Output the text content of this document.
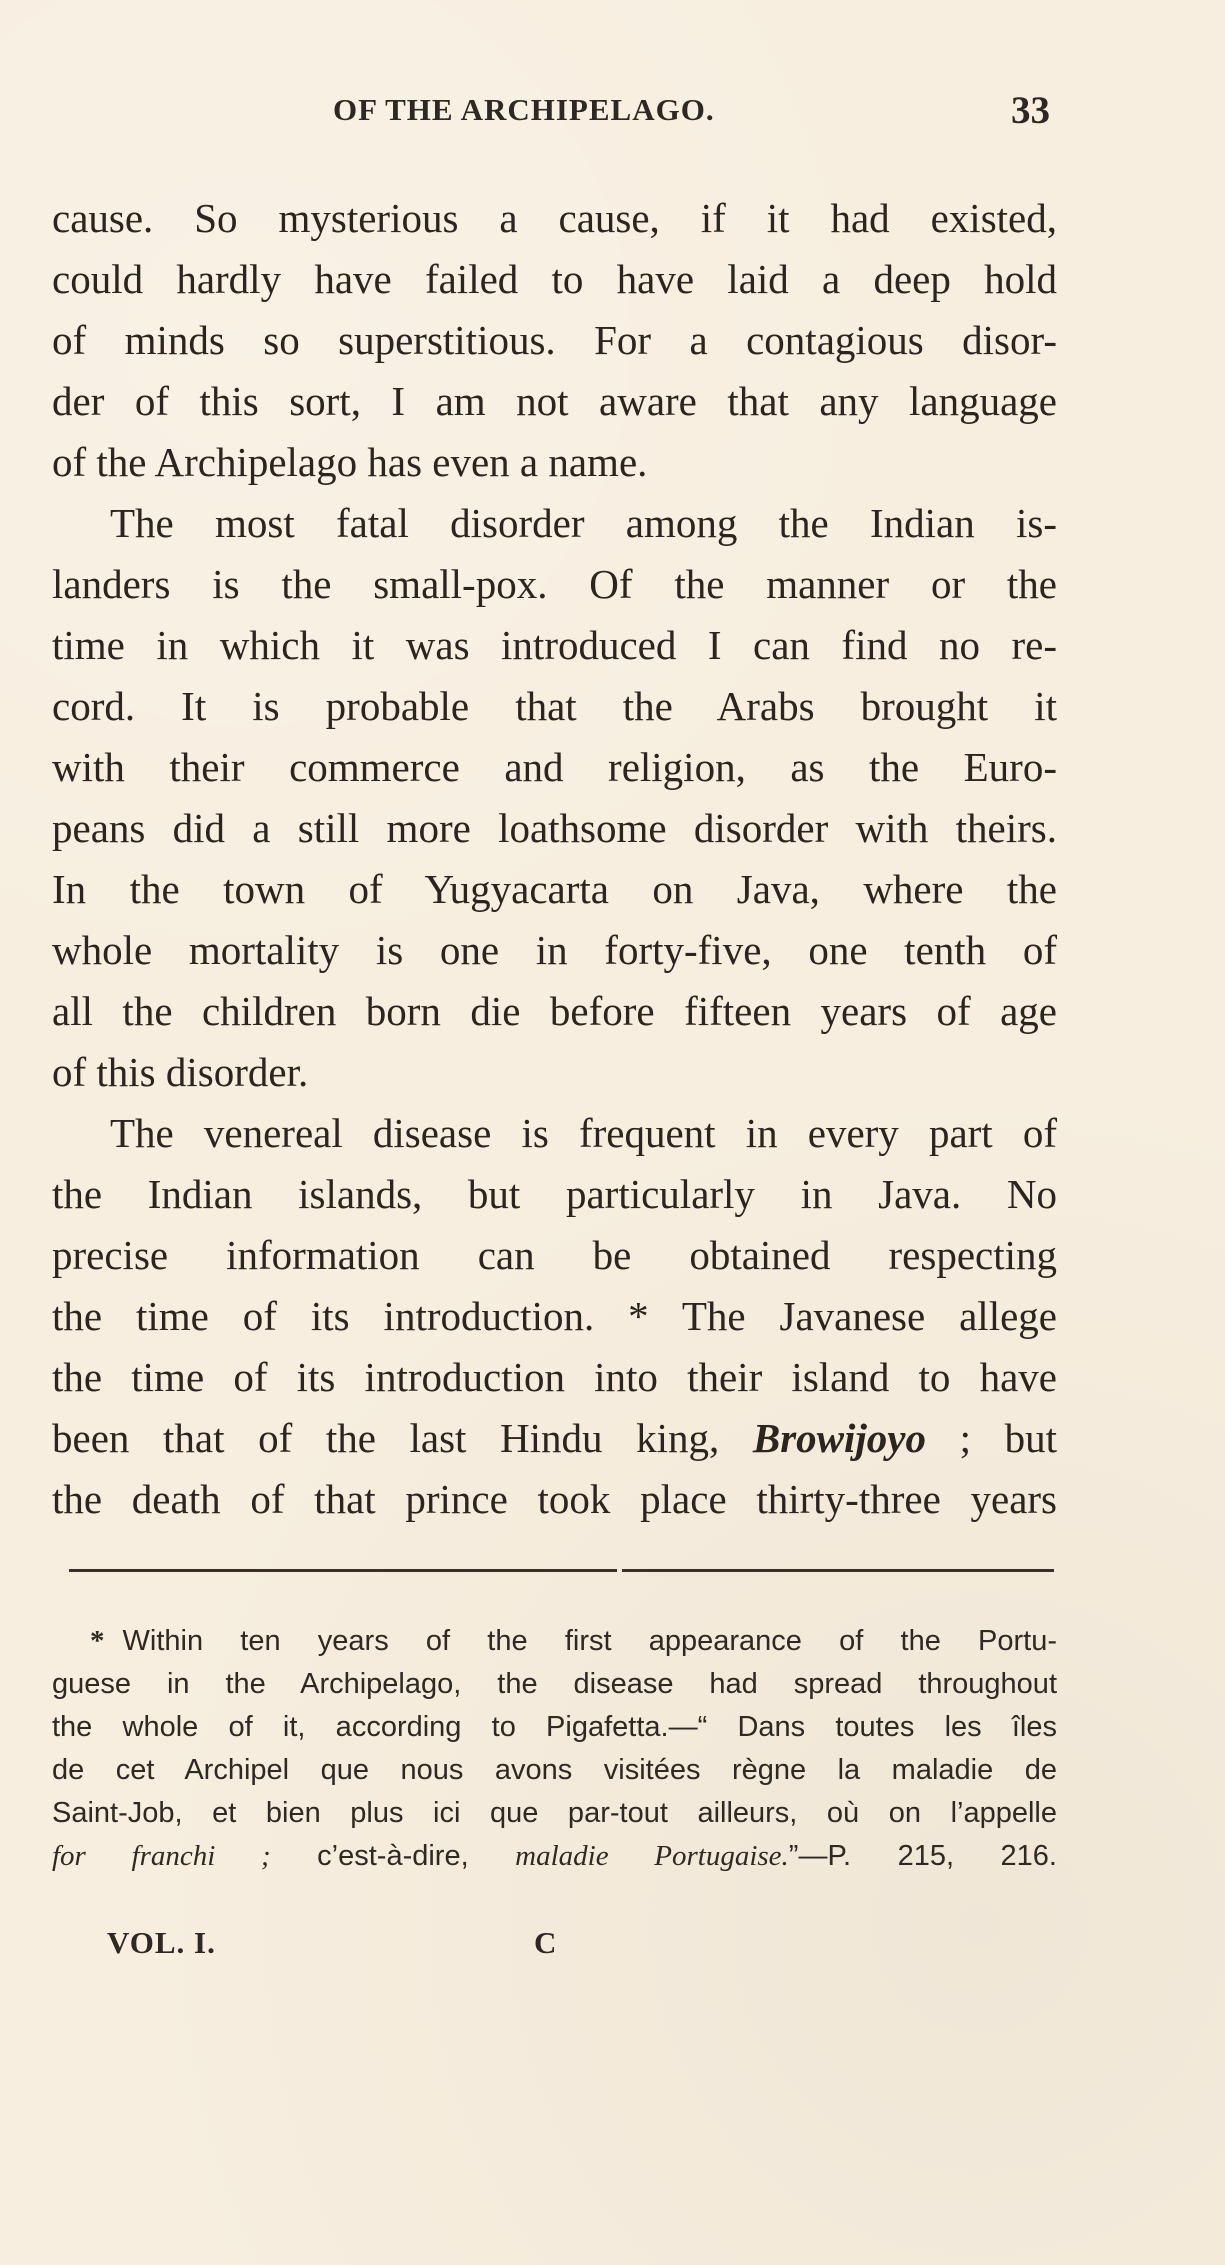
OF THE ARCHIPELAGO.	33
cause. So mysterious a cause, if it had existed,
could hardly have failed to have laid a deep hold
of minds so superstitious. For a contagious disor-
der of this sort, I am not aware that any language
of the Archipelago has even a name.
The most fatal disorder among the Indian is-
landers is the small-pox. Of the manner or the
time in which it was introduced I can find no re-
cord. It is probable that the Arabs brought it
with their commerce and religion, as the Euro-
peans did a still more loathsome disorder with theirs.
In the town of Yugyacarta on Java, where the
whole mortality is one in forty-five, one tenth of
all the children born die before fifteen years of age
of this disorder.
The venereal disease is frequent in every part of
the Indian islands, but particularly in Java. No
precise information can be obtained respecting
the time of its introduction. * The Javanese allege
the time of its introduction into their island to have
been that of the last Hindu king, Browijoyo ; but
the death of that prince took place thirty-three years
* Within ten years of the first appearance of the Portu-
guese in the Archipelago, the disease had spread throughout
the whole of it, according to Pigafetta.—“ Dans toutes les îles
de cet Archipel que nous avons visitées règne la maladie de
Saint-Job, et bien plus ici que par-tout ailleurs, où on l’appelle
for franchi ; c’est-à-dire, maladie Portugaise.”—P. 215, 216.
VOL. I.	C
